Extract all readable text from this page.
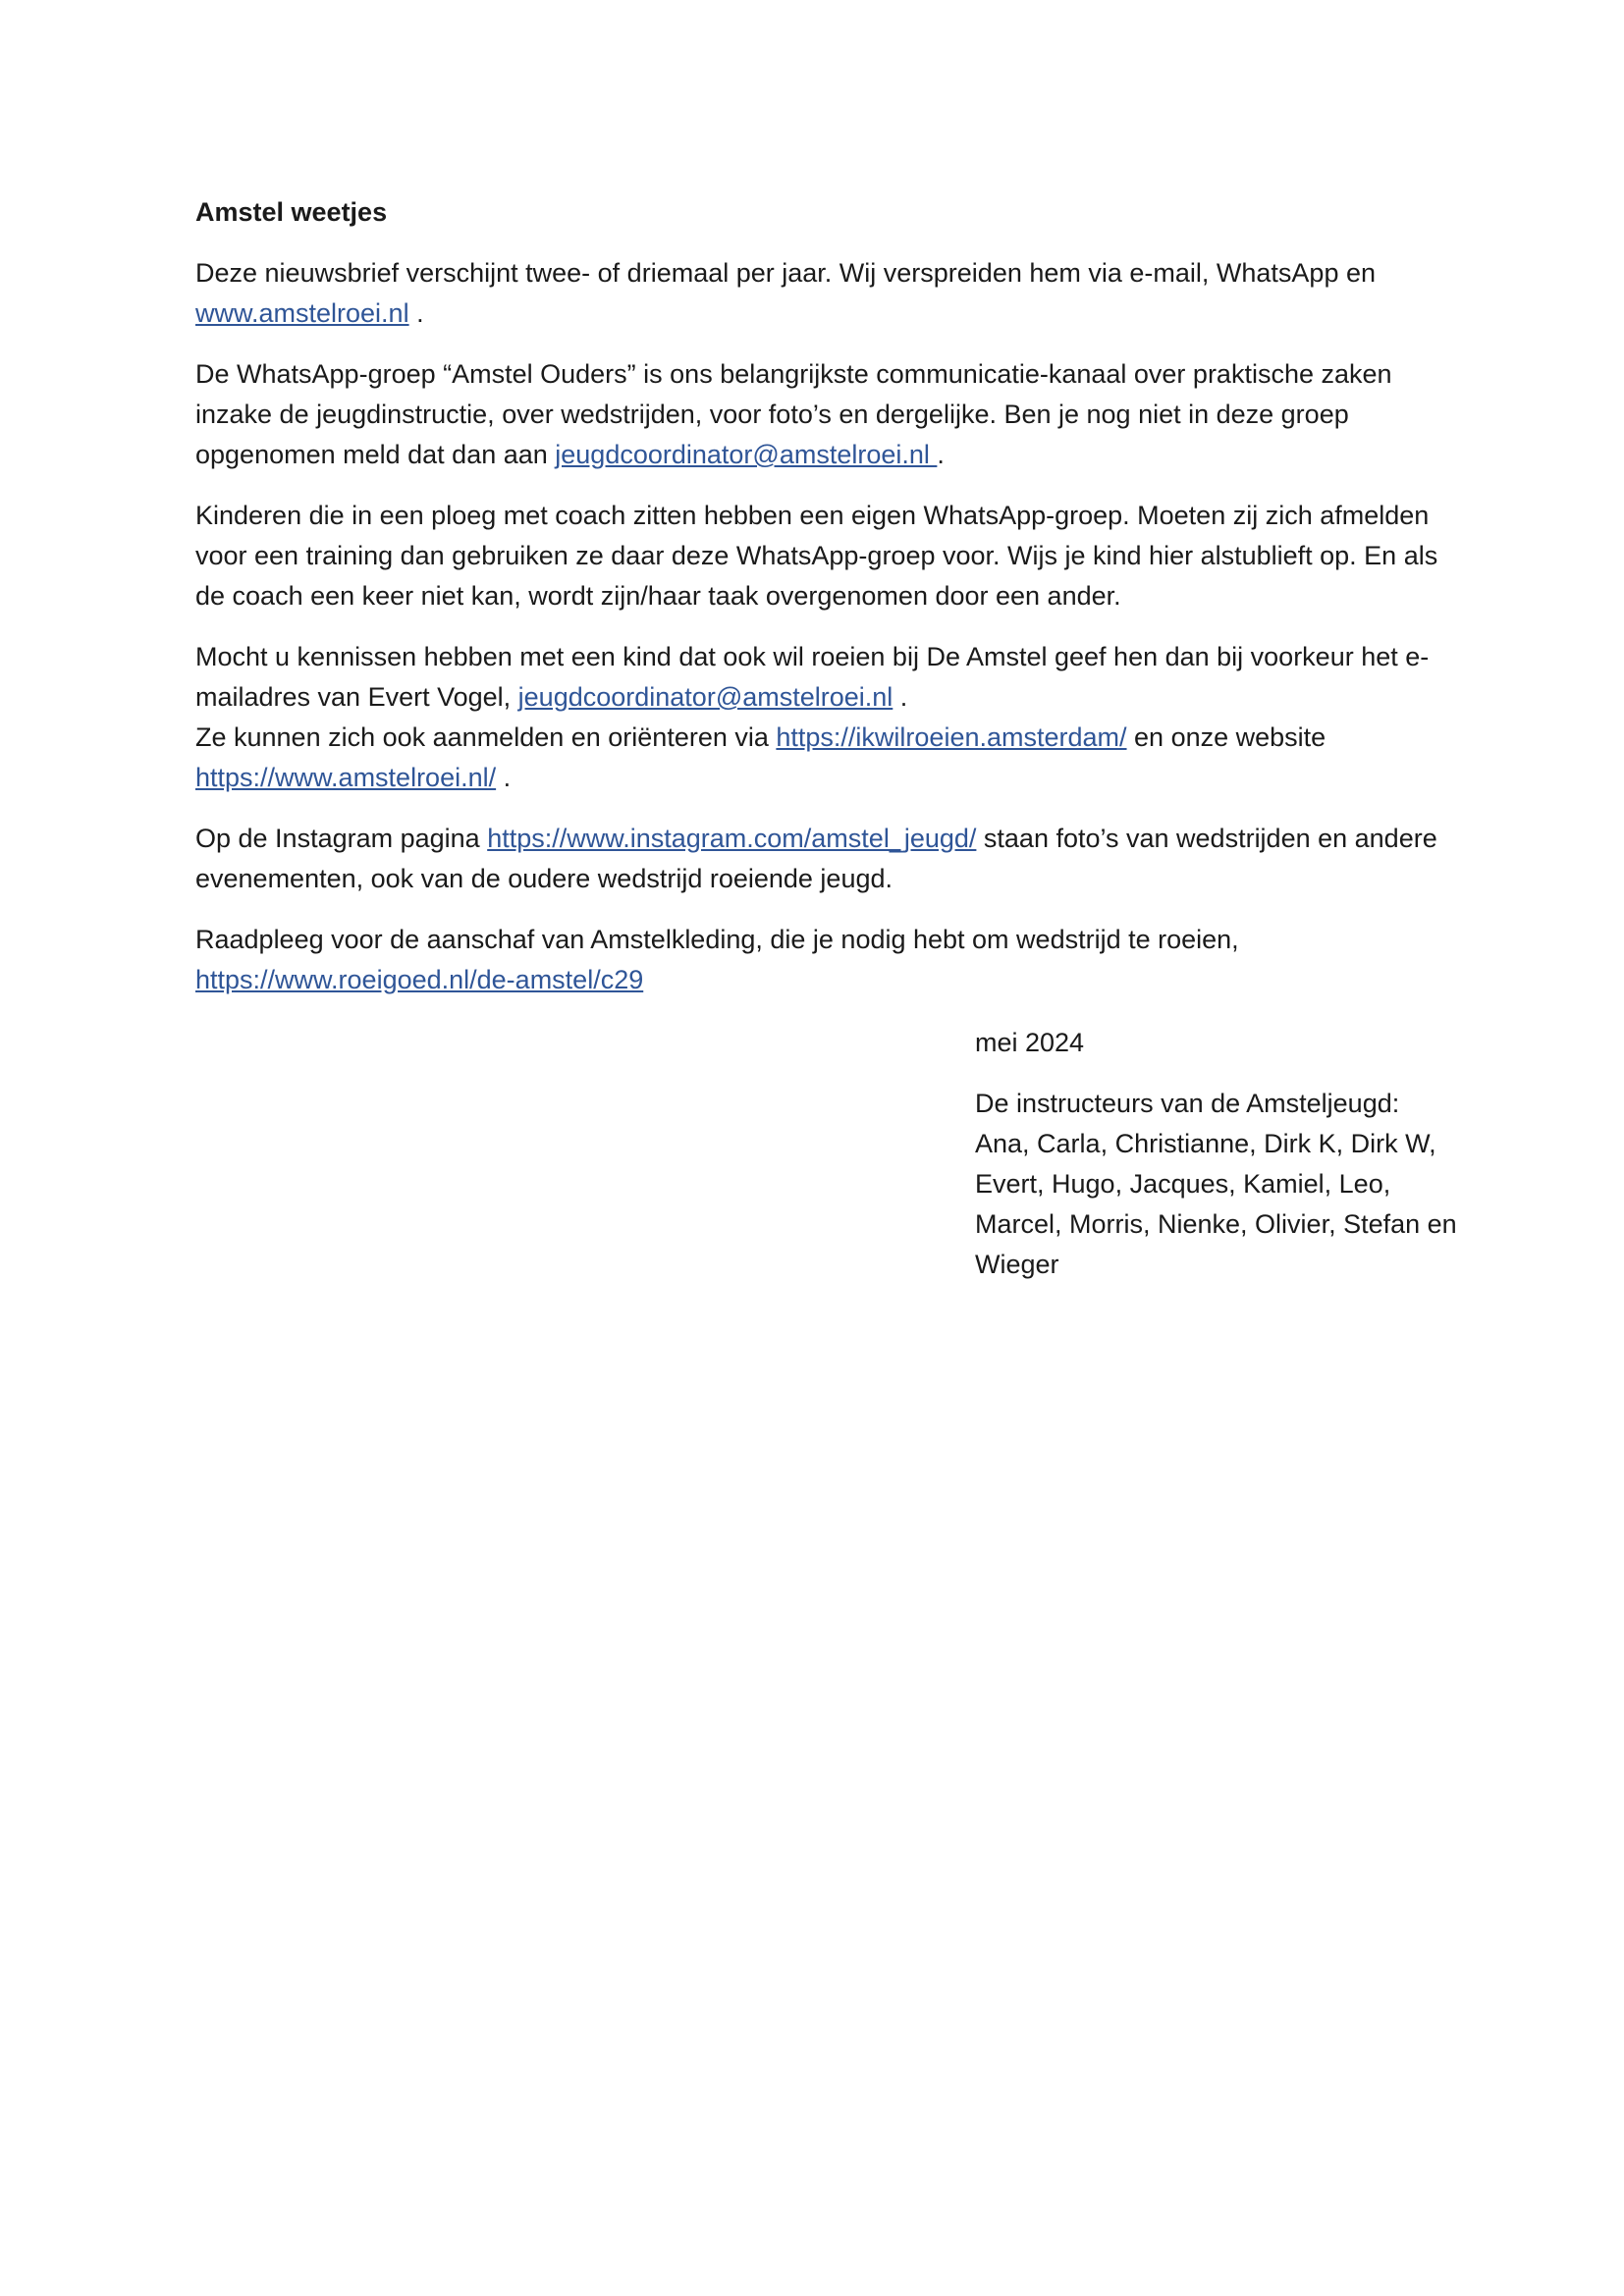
Amstel weetjes

Deze nieuwsbrief verschijnt twee- of driemaal per jaar. Wij verspreiden hem via e-mail, WhatsApp en www.amstelroei.nl .

De WhatsApp-groep “Amstel Ouders” is ons belangrijkste communicatie-kanaal over praktische zaken inzake de jeugdinstructie, over wedstrijden, voor foto’s en dergelijke. Ben je nog niet in deze groep opgenomen meld dat dan aan jeugdcoordinator@amstelroei.nl .

Kinderen die in een ploeg met coach zitten hebben een eigen WhatsApp-groep. Moeten zij zich afmelden voor een training dan gebruiken ze daar deze WhatsApp-groep voor. Wijs je kind hier alstublieft op. En als de coach een keer niet kan, wordt zijn/haar taak overgenomen door een ander.

Mocht u kennissen hebben met een kind dat ook wil roeien bij De Amstel geef hen dan bij voorkeur het e-mailadres van Evert Vogel, jeugdcoordinator@amstelroei.nl .
Ze kunnen zich ook aanmelden en oriënteren via https://ikwilroeien.amsterdam/ en onze website https://www.amstelroei.nl/ .

Op de Instagram pagina https://www.instagram.com/amstel_jeugd/ staan foto’s van wedstrijden en andere evenementen, ook van de oudere wedstrijd roeiende jeugd.

Raadpleeg voor de aanschaf van Amstelkleding, die je nodig hebt om wedstrijd te roeien,
https://www.roeigoed.nl/de-amstel/c29

mei 2024

De instructeurs van de Amsteljeugd:
Ana, Carla, Christianne, Dirk K, Dirk W, Evert, Hugo, Jacques, Kamiel, Leo, Marcel, Morris, Nienke, Olivier, Stefan en Wieger
